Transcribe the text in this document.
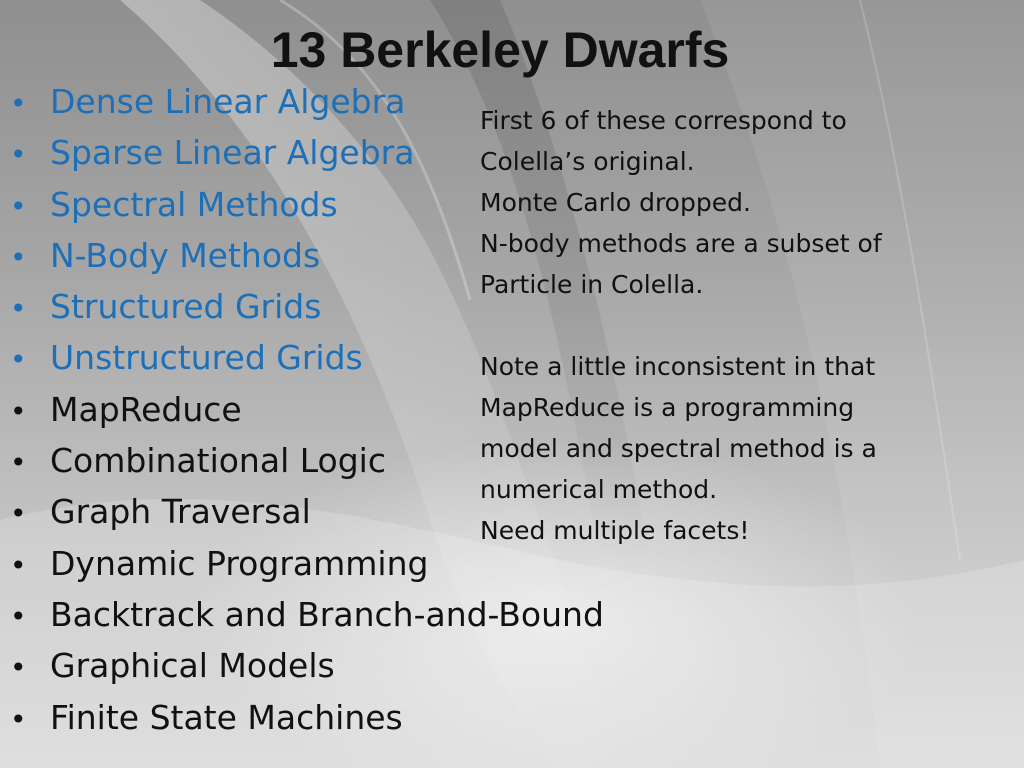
13 Berkeley Dwarfs
• Dense Linear Algebra
• Sparse Linear Algebra
• Spectral Methods
• N-Body Methods
• Structured Grids
• Unstructured Grids
• MapReduce
• Combinational Logic
• Graph Traversal
• Dynamic Programming
• Backtrack and Branch-and-Bound
• Graphical Models
• Finite State Machines

First 6 of these correspond to

Colella’s original.

Monte Carlo dropped.

N-body methods are a subset of

Particle in Colella.

Note a little inconsistent in that

MapReduce is a programming

model and spectral method is a

numerical method.

Need multiple facets!
